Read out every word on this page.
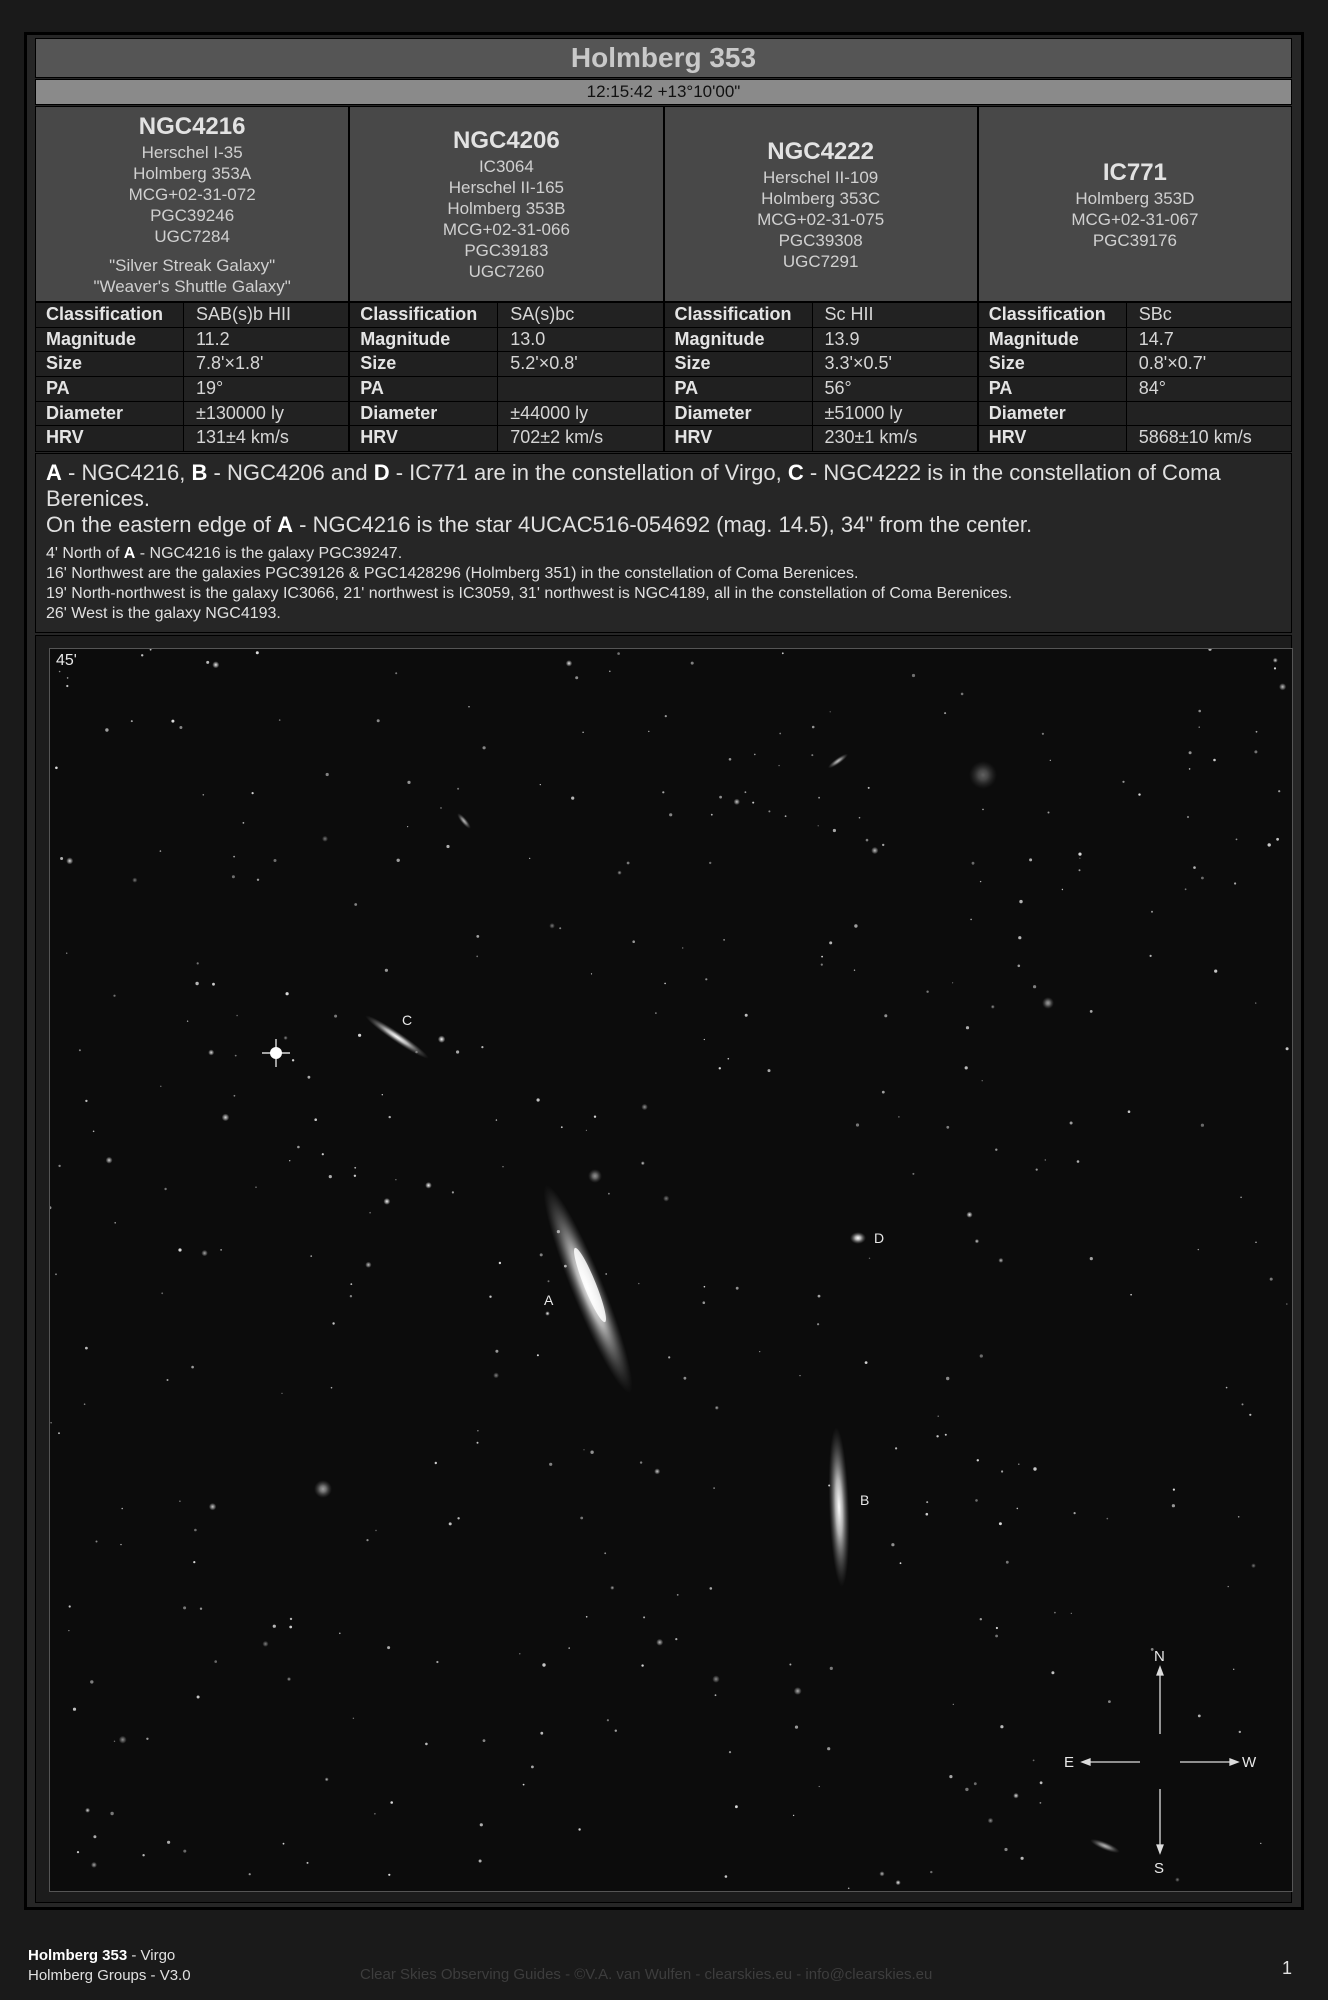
Holmberg 353
12:15:42 +13°10'00"
NGC4216
Herschel I-35
Holmberg 353A
MCG+02-31-072
PGC39246
UGC7284
"Silver Streak Galaxy"
"Weaver's Shuttle Galaxy"
NGC4206
IC3064
Herschel II-165
Holmberg 353B
MCG+02-31-066
PGC39183
UGC7260
NGC4222
Herschel II-109
Holmberg 353C
MCG+02-31-075
PGC39308
UGC7291
IC771
Holmberg 353D
MCG+02-31-067
PGC39176
Classification	SAB(s)b HII
Magnitude	11.2
Size	7.8'×1.8'
PA	19°
Diameter	±130000 ly
HRV	131±4 km/s
Classification	SA(s)bc
Magnitude	13.0
Size	5.2'×0.8'
PA
Diameter	±44000 ly
HRV	702±2 km/s
Classification	Sc HII
Magnitude	13.9
Size	3.3'×0.5'
PA	56°
Diameter	±51000 ly
HRV	230±1 km/s
Classification	SBc
Magnitude	14.7
Size	0.8'×0.7'
PA	84°
Diameter
HRV	5868±10 km/s
A - NGC4216, B - NGC4206 and D - IC771 are in the constellation of Virgo, C - NGC4222 is in the constellation of Coma Berenices.
On the eastern edge of A - NGC4216 is the star 4UCAC516-054692 (mag. 14.5), 34" from the center.
4' North of A - NGC4216 is the galaxy PGC39247.
16' Northwest are the galaxies PGC39126 & PGC1428296 (Holmberg 351) in the constellation of Coma Berenices.
19' North-northwest is the galaxy IC3066, 21' northwest is IC3059, 31' northwest is NGC4189, all in the constellation of Coma Berenices.
26' West is the galaxy NGC4193.
45'
A
B
C
D
N
S
E	W
Holmberg 353 - Virgo
Holmberg Groups - V3.0	Clear Skies Observing Guides - ©V.A. van Wulfen - clearskies.eu - info@clearskies.eu	1
